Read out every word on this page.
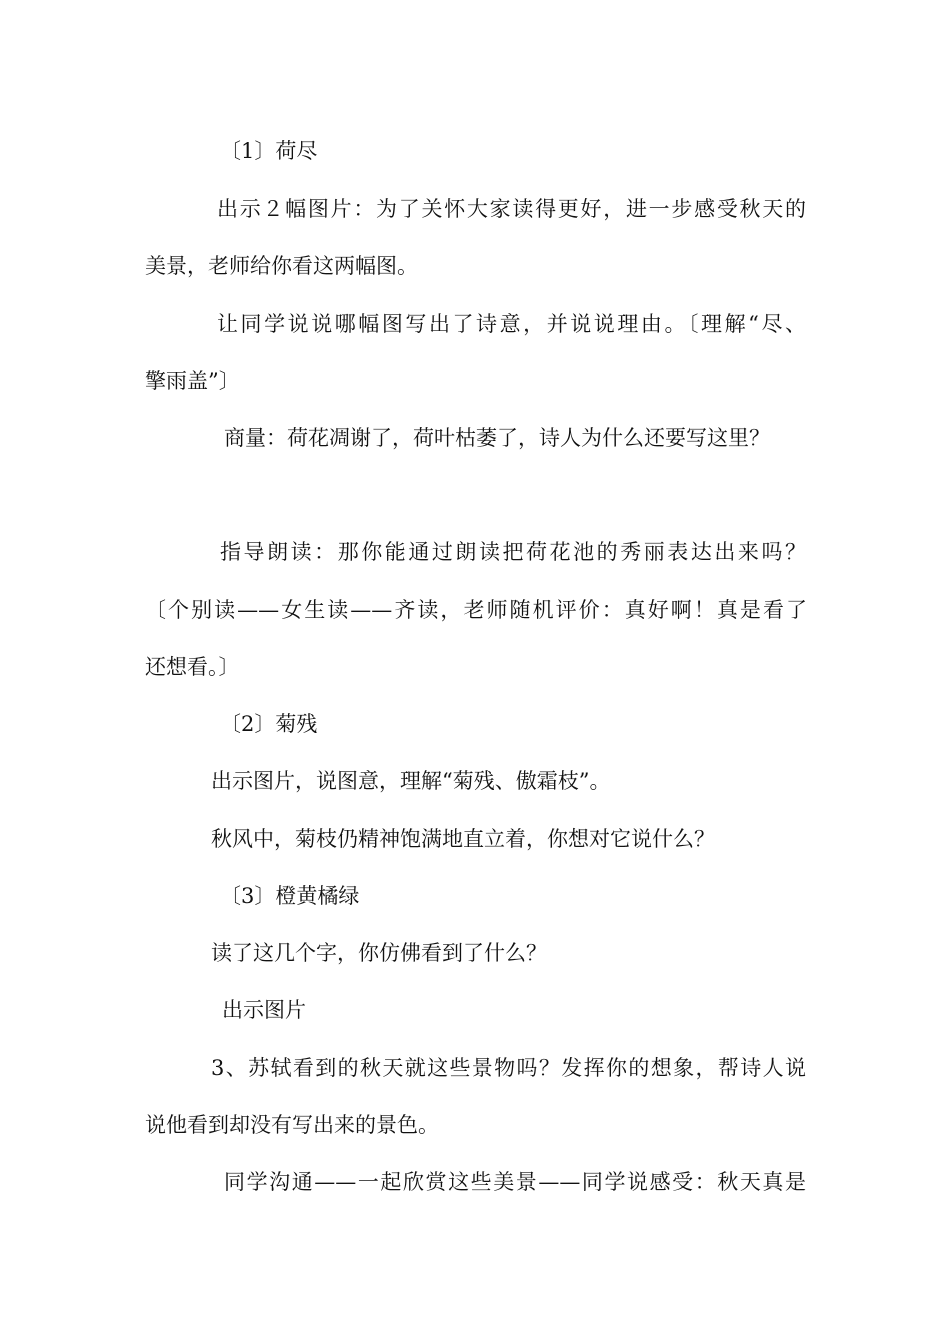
〔1〕荷尽
出示２幅图片：为了关怀大家读得更好，进一步感受秋天的
美景，老师给你看这两幅图。
让同学说说哪幅图写出了诗意，并说说理由。〔理解“尽、
擎雨盖”〕
商量：荷花凋谢了，荷叶枯萎了，诗人为什么还要写这里？
指导朗读：那你能通过朗读把荷花池的秀丽表达出来吗？
〔个别读——女生读——齐读，老师随机评价：真好啊！真是看了
还想看。〕
〔2〕菊残
出示图片，说图意，理解“菊残、傲霜枝”。
秋风中，菊枝仍精神饱满地直立着，你想对它说什么？
〔3〕橙黄橘绿
读了这几个字，你仿佛看到了什么？
出示图片
3、苏轼看到的秋天就这些景物吗？发挥你的想象，帮诗人说
说他看到却没有写出来的景色。
同学沟通——一起欣赏这些美景——同学说感受：秋天真是
